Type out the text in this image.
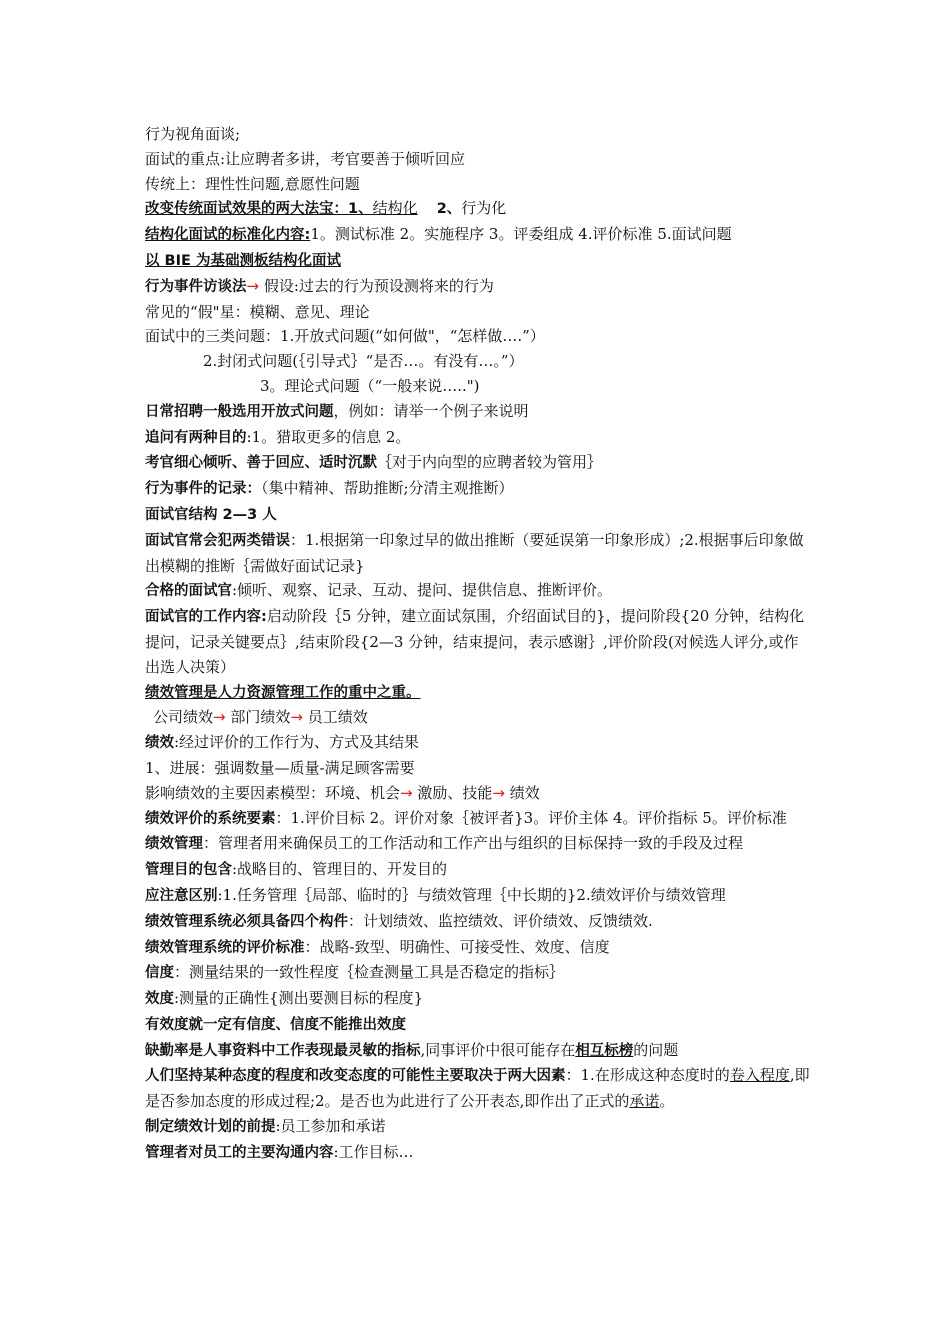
行为视角面谈;

面试的重点:让应聘者多讲，考官要善于倾听回应

传统上：理性性问题,意愿性问题

改变传统面试效果的两大法宝：1、结构化 2、行为化

结构化面试的标准化内容:1。测试标准 2。实施程序 3。评委组成 4.评价标准 5.面试问题

以 BIE 为基础测板结构化面试

行为事件访谈法→ 假设:过去的行为预设测将来的行为

常见的“假"星：模糊、意见、理论

面试中的三类问题：1.开放式问题(“如何做"，“怎样做….”）

2.封闭式问题(｛引导式｝“是否…。有没有…。”）

3。理论式问题（“一般来说…..")

日常招聘一般选用开放式问题，例如：请举一个例子来说明

追问有两种目的:1。猎取更多的信息 2。

考官细心倾听、善于回应、适时沉默｛对于内向型的应聘者较为管用｝

行为事件的记录：（集中精神、帮助推断;分清主观推断）

面试官结构 2—3 人

面试官常会犯两类错误：1.根据第一印象过早的做出推断（要延误第一印象形成）;2.根据事后印象做出模糊的推断｛需做好面试记录}

合格的面试官:倾听、观察、记录、互动、提问、提供信息、推断评价。

面试官的工作内容:启动阶段｛5 分钟，建立面试氛围，介绍面试目的}，提问阶段{20 分钟，结构化提问，记录关键要点｝,结束阶段{2—3 分钟，结束提问，表示感谢｝,评价阶段(对候选人评分,或作出选人决策）

绩效管理是人力资源管理工作的重中之重。

公司绩效→ 部门绩效→ 员工绩效

绩效:经过评价的工作行为、方式及其结果

1、进展：强调数量—质量-满足顾客需要

影响绩效的主要因素模型：环境、机会→ 激励、技能→ 绩效

绩效评价的系统要素：1.评价目标 2。评价对象｛被评者}3。评价主体 4。评价指标 5。评价标准

绩效管理：管理者用来确保员工的工作活动和工作产出与组织的目标保持一致的手段及过程

管理目的包含:战略目的、管理目的、开发目的

应注意区别:1.任务管理｛局部、临时的｝与绩效管理｛中长期的}2.绩效评价与绩效管理

绩效管理系统必须具备四个构件：计划绩效、监控绩效、评价绩效、反馈绩效.

绩效管理系统的评价标准：战略-致型、明确性、可接受性、效度、信度

信度：测量结果的一致性程度｛检查测量工具是否稳定的指标｝

效度:测量的正确性{测出要测目标的程度}

有效度就一定有信度、信度不能推出效度

缺勤率是人事资料中工作表现最灵敏的指标,同事评价中很可能存在相互标榜的问题

人们坚持某种态度的程度和改变态度的可能性主要取决于两大因素：1.在形成这种态度时的卷入程度,即是否参加态度的形成过程;2。是否也为此进行了公开表态,即作出了正式的承诺。

制定绩效计划的前提:员工参加和承诺

管理者对员工的主要沟通内容:工作目标…
